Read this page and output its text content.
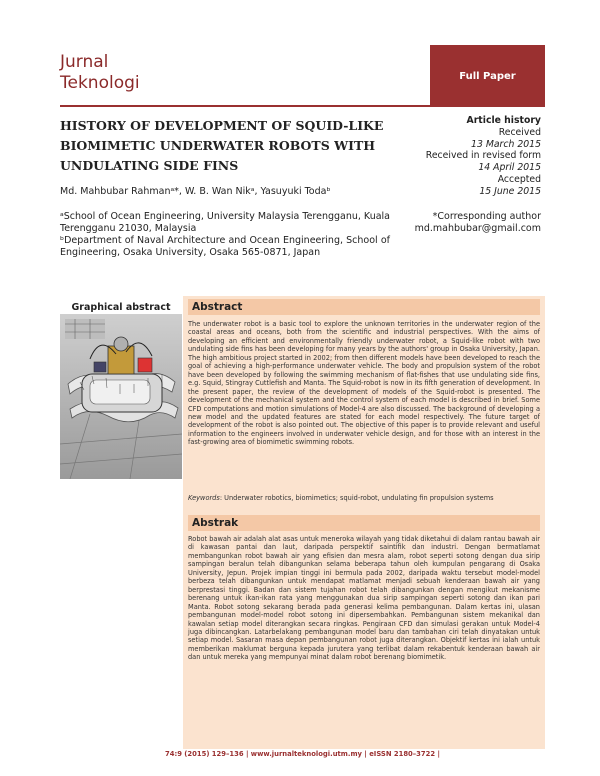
Jurnal
Teknologi	Full Paper
HISTORY OF DEVELOPMENT OF SQUID-LIKE
BIOMIMETIC UNDERWATER ROBOTS WITH
UNDULATING SIDE FINS
Article history
Received
13 March 2015
Received in revised form
14 April 2015
Accepted
15 June 2015
Md. Mahbubar Rahmanᵃ*, W. B. Wan Nikᵃ, Yasuyuki Todaᵇ

ᵃSchool of Ocean Engineering, University Malaysia Terengganu, Kuala Terengganu 21030, Malaysia

ᵇDepartment of Naval Architecture and Ocean Engineering, School of Engineering, Osaka University, Osaka 565-0871, Japan

*Corresponding author
md.mahbubar@gmail.com
Graphical abstract	Abstract
The underwater robot is a basic tool to explore the unknown territories in the underwater region of the coastal areas and oceans, both from the scientific and industrial perspectives. With the aims of developing an efficient and environmentally friendly underwater robot, a Squid-like robot with two undulating side fins has been developing for many years by the authors' group in Osaka University, Japan. The high ambitious project started in 2002; from then different models have been developed to reach the goal of achieving a high-performance underwater vehicle. The body and propulsion system of the robot have been developed by following the swimming mechanism of flat-fishes that use undulating side fins, e.g. Squid, Stingray Cuttlefish and Manta. The Squid-robot is now in its fifth generation of development. In the present paper, the review of the development of models of the Squid-robot is presented. The development of the mechanical system and the control system of each model is described in brief. Some CFD computations and motion simulations of Model-4 are also discussed. The background of developing a new model and the updated features are stated for each model respectively. The future target of development of the robot is also pointed out. The objective of this paper is to provide relevant and useful information to the engineers involved in underwater vehicle design, and for those with an interest in the fast-growing area of biomimetic swimming robots.
Keywords: Underwater robotics, biomimetics; squid-robot, undulating fin propulsion systems
Abstrak
Robot bawah air adalah alat asas untuk meneroka wilayah yang tidak diketahui di dalam rantau bawah air di kawasan pantai dan laut, daripada perspektif saintifik dan industri. Dengan bermatlamat membangunkan robot bawah air yang efisien dan mesra alam, robot seperti sotong dengan dua sirip sampingan beralun telah dibangunkan selama beberapa tahun oleh kumpulan pengarang di Osaka University, Jepun. Projek impian tinggi ini bermula pada 2002, daripada waktu tersebut model-model berbeza telah dibangunkan untuk mendapat matlamat menjadi sebuah kenderaan bawah air yang berprestasi tinggi. Badan dan sistem tujahan robot telah dibangunkan dengan mengikut mekanisme berenang untuk ikan-ikan rata yang menggunakan dua sirip sampingan seperti sotong dan ikan pari Manta. Robot sotong sekarang berada pada generasi kelima pembangunan. Dalam kertas ini, ulasan pembangunan model-model robot sotong ini dipersembahkan. Pembangunan sistem mekanikal dan kawalan setiap model diterangkan secara ringkas. Pengiraan CFD dan simulasi gerakan untuk Model-4 juga dibincangkan. Latarbelakang pembangunan model baru dan tambahan ciri telah dinyatakan untuk setiap model. Sasaran masa depan pembangunan robot juga diterangkan. Objektif kertas ini ialah untuk memberikan maklumat berguna kepada jurutera yang terlibat dalam rekabentuk kenderaan bawah air dan untuk mereka yang mempunyai minat dalam robot berenang biomimetik.
74:9 (2015) 129–136 | www.jurnalteknologi.utm.my | eISSN 2180–3722 |
